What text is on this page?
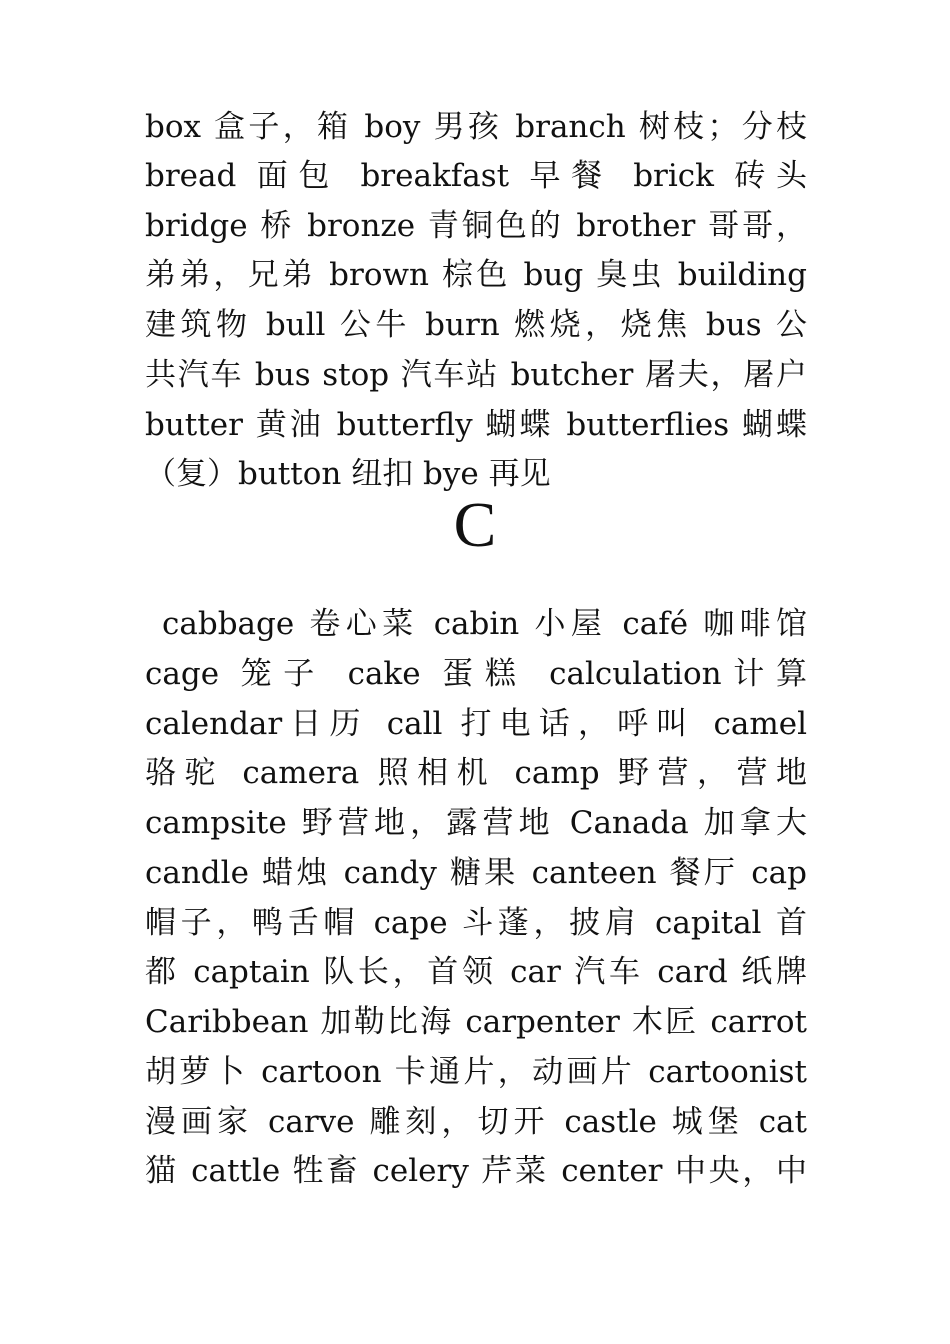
box 盒子，箱 boy 男孩 branch 树枝；分枝
bread 面包 breakfast 早餐 brick 砖头
bridge 桥 bronze 青铜色的 brother 哥哥，
弟弟，兄弟 brown 棕色 bug 臭虫 building
建筑物 bull 公牛 burn 燃烧，烧焦 bus 公
共汽车 bus stop 汽车站 butcher 屠夫，屠户
butter 黄油 butterfly 蝴蝶 butterflies 蝴蝶
（复）button 纽扣 bye 再见
C
cabbage 卷心菜 cabin 小屋 café 咖啡馆
cage 笼子 cake 蛋糕 calculation计算
calendar日历 call 打电话，呼叫 camel
骆驼 camera 照相机 camp 野营，营地
campsite 野营地，露营地 Canada 加拿大
candle 蜡烛 candy 糖果 canteen 餐厅 cap
帽子，鸭舌帽 cape 斗蓬，披肩 capital 首
都 captain 队长，首领 car 汽车 card 纸牌
Caribbean 加勒比海 carpenter 木匠 carrot
胡萝卜 cartoon 卡通片，动画片 cartoonist
漫画家 carve 雕刻，切开 castle 城堡 cat
猫 cattle 牲畜 celery 芹菜 center 中央，中
